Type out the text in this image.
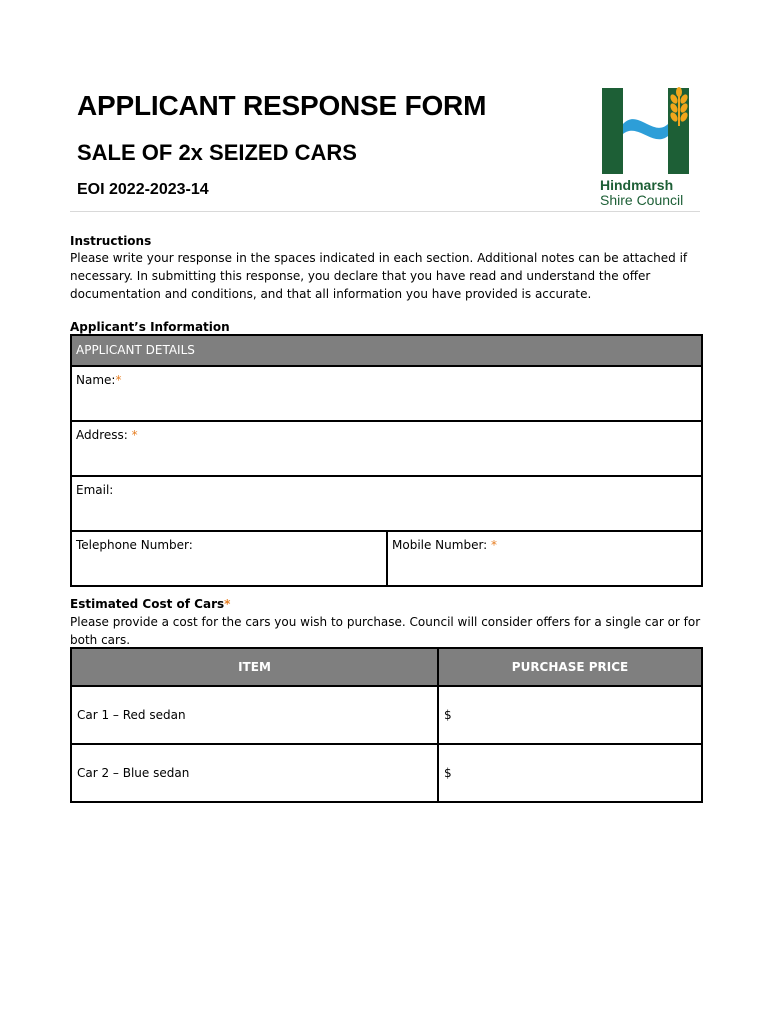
APPLICANT RESPONSE FORM
SALE OF 2x SEIZED CARS
EOI 2022-2023-14	Hindmarsh
Shire Council
Instructions
Please write your response in the spaces indicated in each section. Additional notes can be attached if necessary. In submitting this response, you declare that you have read and understand the offer documentation and conditions, and that all information you have provided is accurate.
Applicant’s Information
APPLICANT DETAILS
Name:*
Address: *
Email:
Telephone Number:	Mobile Number: *
Estimated Cost of Cars*
Please provide a cost for the cars you wish to purchase. Council will consider offers for a single car or for both cars.
ITEM	PURCHASE PRICE
Car 1 – Red sedan	$
Car 2 – Blue sedan	$
